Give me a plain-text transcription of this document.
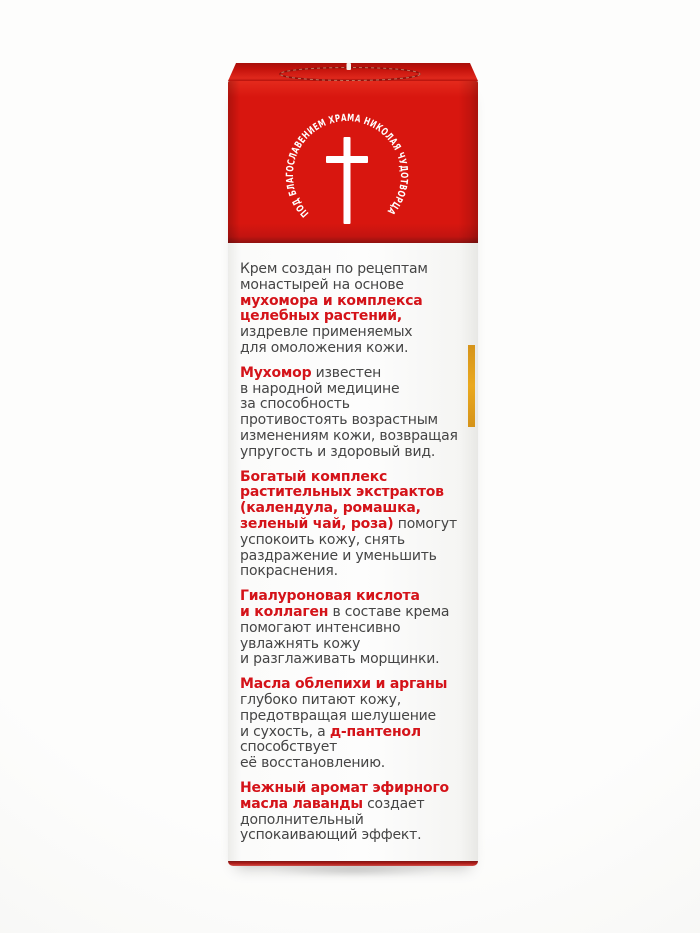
ПОД БЛАГОСЛАВЕНИЕМ ХРАМА НИКОЛАЯ ЧУДОТВОРЦА

Крем создан по рецептам
монастырей на основе
мухомора и комплекса
целебных растений,
издревле применяемых
для омоложения кожи.

Мухомор известен
в народной медицине
за способность
противостоять возрастным
изменениям кожи, возвращая
упругость и здоровый вид.

Богатый комплекс
растительных экстрактов
(календула, ромашка,
зеленый чай, роза) помогут
успокоить кожу, снять
раздражение и уменьшить
покраснения.

Гиалуроновая кислота
и коллаген в составе крема
помогают интенсивно
увлажнять кожу
и разглаживать морщинки.

Масла облепихи и арганы
глубоко питают кожу,
предотвращая шелушение
и сухость, а д-пантенол
способствует
её восстановлению.

Нежный аромат эфирного
масла лаванды создает
дополнительный
успокаивающий эффект.
